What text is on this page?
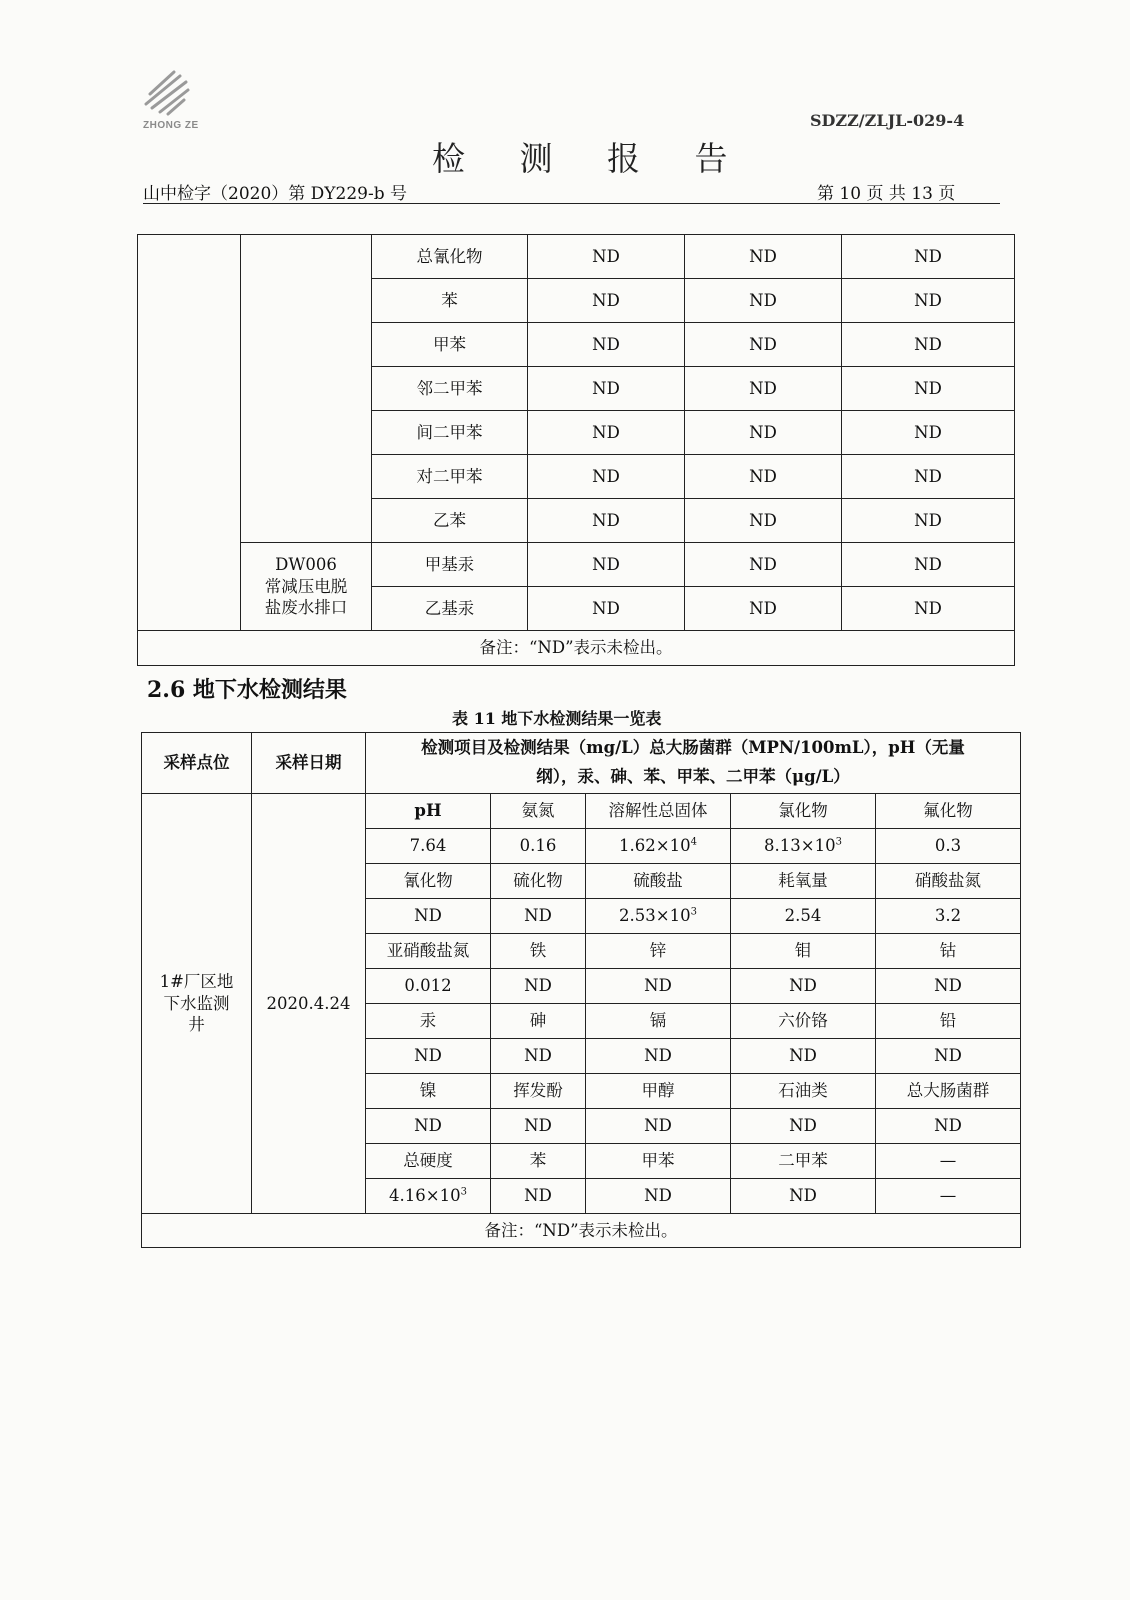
ZHONG ZE	SDZZ/ZLJL-029-4
检 测 报 告
山中检字（2020）第 DY229-b 号	第 10 页 共 13 页
		总氰化物	ND	ND	ND
		苯	ND	ND	ND
		甲苯	ND	ND	ND
		邻二甲苯	ND	ND	ND
		间二甲苯	ND	ND	ND
		对二甲苯	ND	ND	ND
		乙苯	ND	ND	ND

	DW006
常减压电脱
盐废水排口	甲基汞	ND	ND	ND
		乙基汞	ND	ND	ND
备注：“ND”表示未检出。					
2.6 地下水检测结果
表 11 地下水检测结果一览表
采样点位	采样日期	检测项目及检测结果（mg/L）总大肠菌群（MPN/100mL），pH（无量
纲），汞、砷、苯、甲苯、二甲苯（μg/L）				

1#厂区地
下水监测
井	2020.4.24	pH	氨氮	溶解性总固体	氯化物	氟化物
		7.64	0.16	$1.62\times 10^4$	$8.13\times 10^3$	0.3
		氰化物	硫化物	硫酸盐	耗氧量	硝酸盐氮
		ND	ND	$2.53\times 10^3$	2.54	3.2
		亚硝酸盐氮	铁	锌	钼	钴
		0.012	ND	ND	ND	ND
		汞	砷	镉	六价铬	铅
		ND	ND	ND	ND	ND
		镍	挥发酚	甲醇	石油类	总大肠菌群
		ND	ND	ND	ND	ND
		总硬度	苯	甲苯	二甲苯	—
		$4.16\times 10^3$	ND	ND	ND	—
备注：“ND”表示未检出。						
